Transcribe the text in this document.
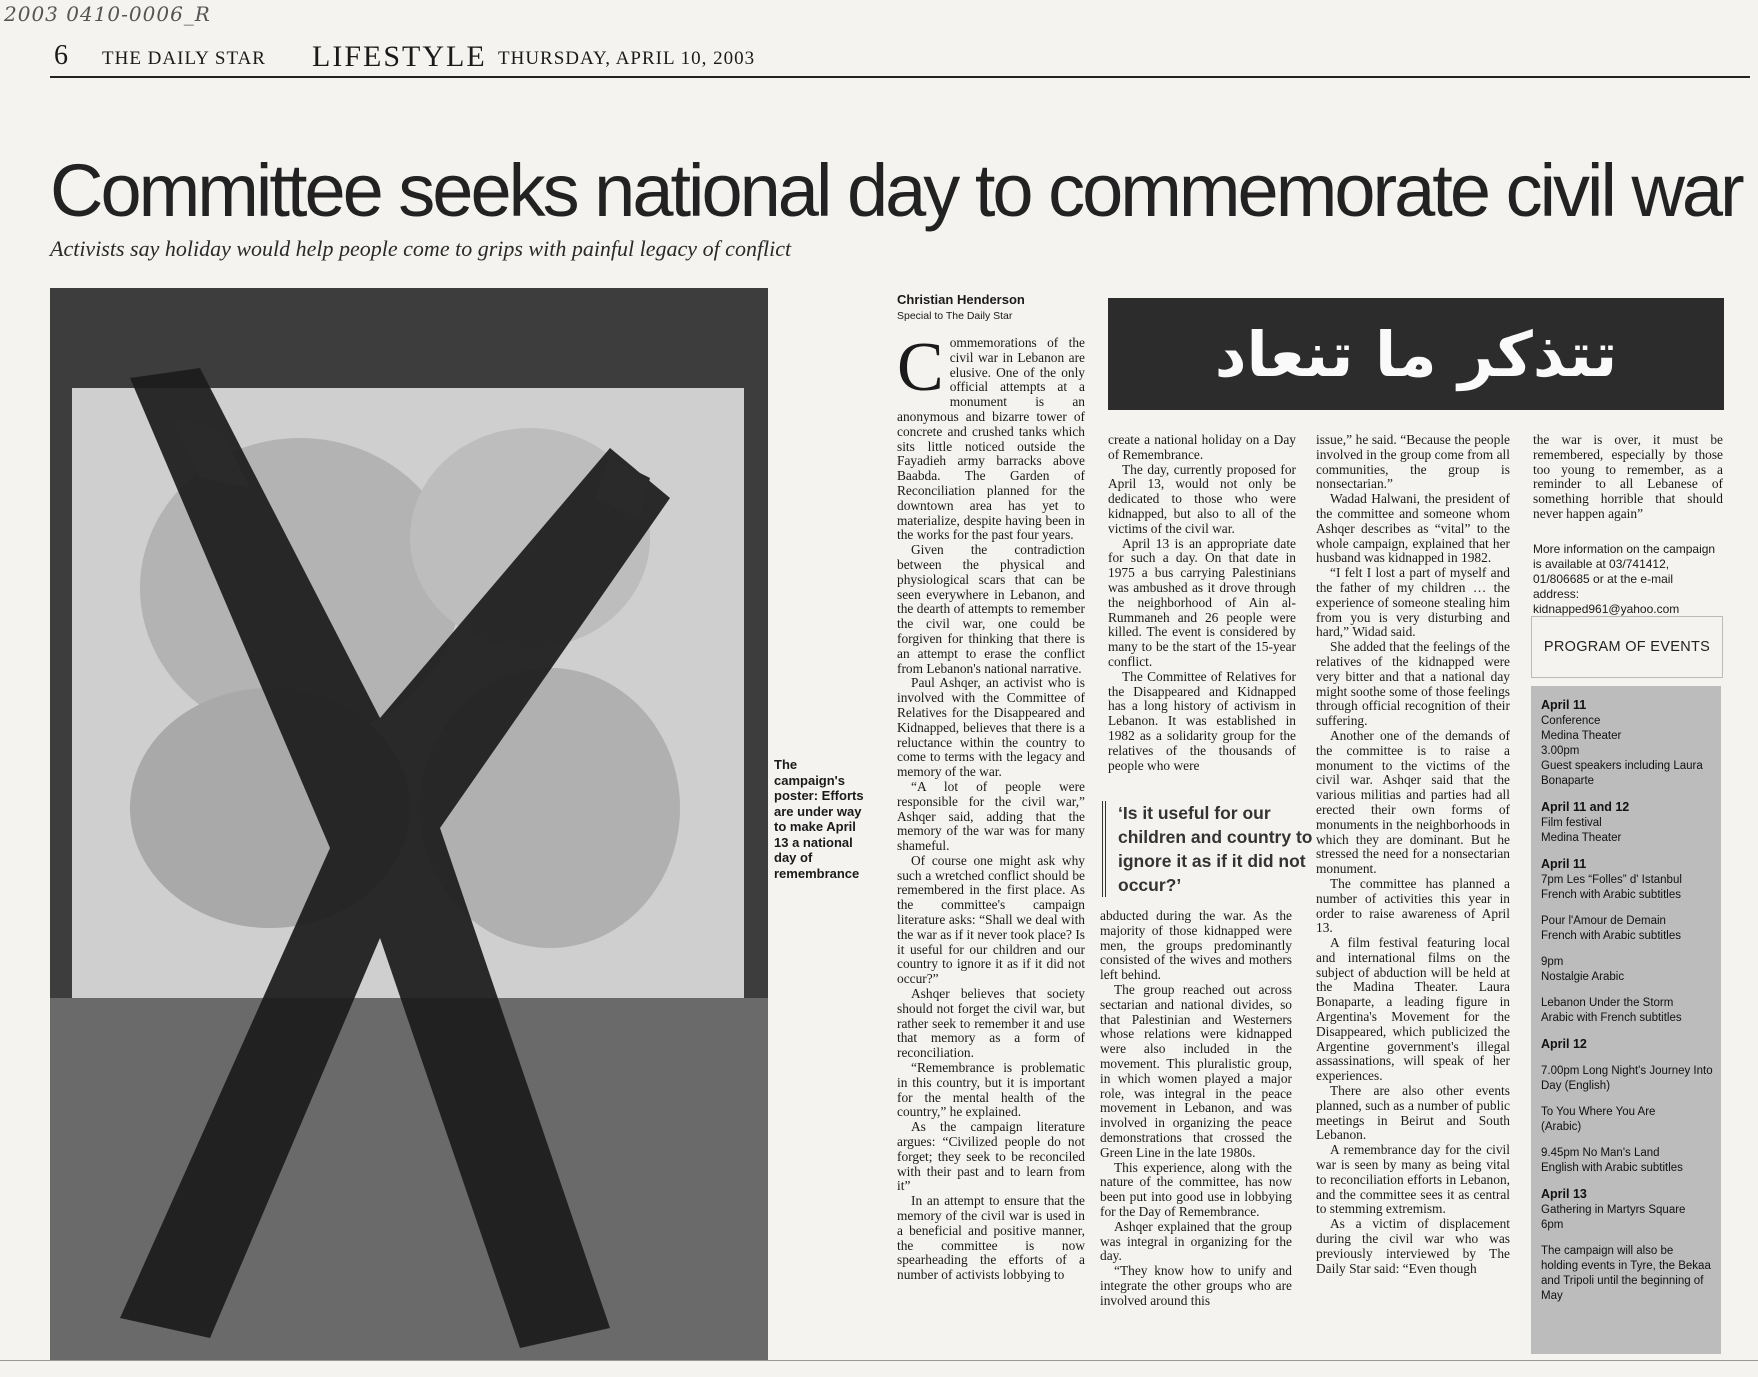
2003 0410-0006_R
6 THE DAILY STAR LIFESTYLE THURSDAY, APRIL 10, 2003
Committee seeks national day to commemorate civil war
Activists say holiday would help people come to grips with painful legacy of conflict
The campaign's poster: Efforts are under way to make April 13 a national day of remembrance
Christian Henderson
Special to The Daily Star

Commemorations of the civil war in Lebanon are elusive. One of the only official attempts at a monument is an anonymous and bizarre tower of concrete and crushed tanks which sits little noticed outside the Fayadieh army barracks above Baabda. The Garden of Reconciliation planned for the downtown area has yet to materialize, despite having been in the works for the past four years.

Given the contradiction between the physical and physiological scars that can be seen everywhere in Lebanon, and the dearth of attempts to remember the civil war, one could be forgiven for thinking that there is an attempt to erase the conflict from Lebanon's national narrative.

Paul Ashqer, an activist who is involved with the Committee of Relatives for the Disappeared and Kidnapped, believes that there is a reluctance within the country to come to terms with the legacy and memory of the war.

“A lot of people were responsible for the civil war,” Ashqer said, adding that the memory of the war was for many shameful.

Of course one might ask why such a wretched conflict should be remembered in the first place. As the committee's campaign literature asks: “Shall we deal with the war as if it never took place? Is it useful for our children and our country to ignore it as if it did not occur?”

Ashqer believes that society should not forget the civil war, but rather seek to remember it and use that memory as a form of reconciliation.

“Remembrance is problematic in this country, but it is important for the mental health of the country,” he explained.

As the campaign literature argues: “Civilized people do not forget; they seek to be reconciled with their past and to learn from it”

In an attempt to ensure that the memory of the civil war is used in a beneficial and positive manner, the committee is now spearheading the efforts of a number of activists lobbying to

تتذكر ما تنعاد

create a national holiday on a Day of Remembrance.

The day, currently proposed for April 13, would not only be dedicated to those who were kidnapped, but also to all of the victims of the civil war.

April 13 is an appropriate date for such a day. On that date in 1975 a bus carrying Palestinians was ambushed as it drove through the neighborhood of Ain al-Rummaneh and 26 people were killed. The event is considered by many to be the start of the 15-year conflict.

The Committee of Relatives for the Disappeared and Kidnapped has a long history of activism in Lebanon. It was established in 1982 as a solidarity group for the relatives of the thousands of people who were

‘Is it useful for our children and country to ignore it as if it did not occur?’

abducted during the war. As the majority of those kidnapped were men, the groups predominantly consisted of the wives and mothers left behind.

The group reached out across sectarian and national divides, so that Palestinian and Westerners whose relations were kidnapped were also included in the movement. This pluralistic group, in which women played a major role, was integral in the peace movement in Lebanon, and was involved in organizing the peace demonstrations that crossed the Green Line in the late 1980s.

This experience, along with the nature of the committee, has now been put into good use in lobbying for the Day of Remembrance.

Ashqer explained that the group was integral in organizing for the day.

“They know how to unify and integrate the other groups who are involved around this

issue,” he said. “Because the people involved in the group come from all communities, the group is nonsectarian.”

Wadad Halwani, the president of the committee and someone whom Ashqer describes as “vital” to the whole campaign, explained that her husband was kidnapped in 1982.

“I felt I lost a part of myself and the father of my children … the experience of someone stealing him from you is very disturbing and hard,” Widad said.

She added that the feelings of the relatives of the kidnapped were very bitter and that a national day might soothe some of those feelings through official recognition of their suffering.

Another one of the demands of the committee is to raise a monument to the victims of the civil war. Ashqer said that the various militias and parties had all erected their own forms of monuments in the neighborhoods in which they are dominant. But he stressed the need for a nonsectarian monument.

The committee has planned a number of activities this year in order to raise awareness of April 13.

A film festival featuring local and international films on the subject of abduction will be held at the Madina Theater. Laura Bonaparte, a leading figure in Argentina's Movement for the Disappeared, which publicized the Argentine government's illegal assassinations, will speak of her experiences.

There are also other events planned, such as a number of public meetings in Beirut and South Lebanon.

A remembrance day for the civil war is seen by many as being vital to reconciliation efforts in Lebanon, and the committee sees it as central to stemming extremism.

As a victim of displacement during the civil war who was previously interviewed by The Daily Star said: “Even though

the war is over, it must be remembered, especially by those too young to remember, as a reminder to all Lebanese of something horrible that should never happen again”

More information on the campaign is available at 03/741412, 01/806685 or at the e-mail address: kidnapped961@yahoo.com
PROGRAM OF EVENTS
April 11
Conference
Medina Theater
3.00pm
Guest speakers including Laura Bonaparte
April 11 and 12
Film festival
Medina Theater
April 11
7pm Les “Folles” d' Istanbul
French with Arabic subtitles
Pour l'Amour de Demain
French with Arabic subtitles
9pm
Nostalgie Arabic
Lebanon Under the Storm
Arabic with French subtitles
April 12
7.00pm Long Night's Journey Into Day (English)
To You Where You Are
(Arabic)
9.45pm No Man's Land
English with Arabic subtitles
April 13
Gathering in Martyrs Square
6pm
The campaign will also be holding events in Tyre, the Bekaa and Tripoli until the beginning of May
